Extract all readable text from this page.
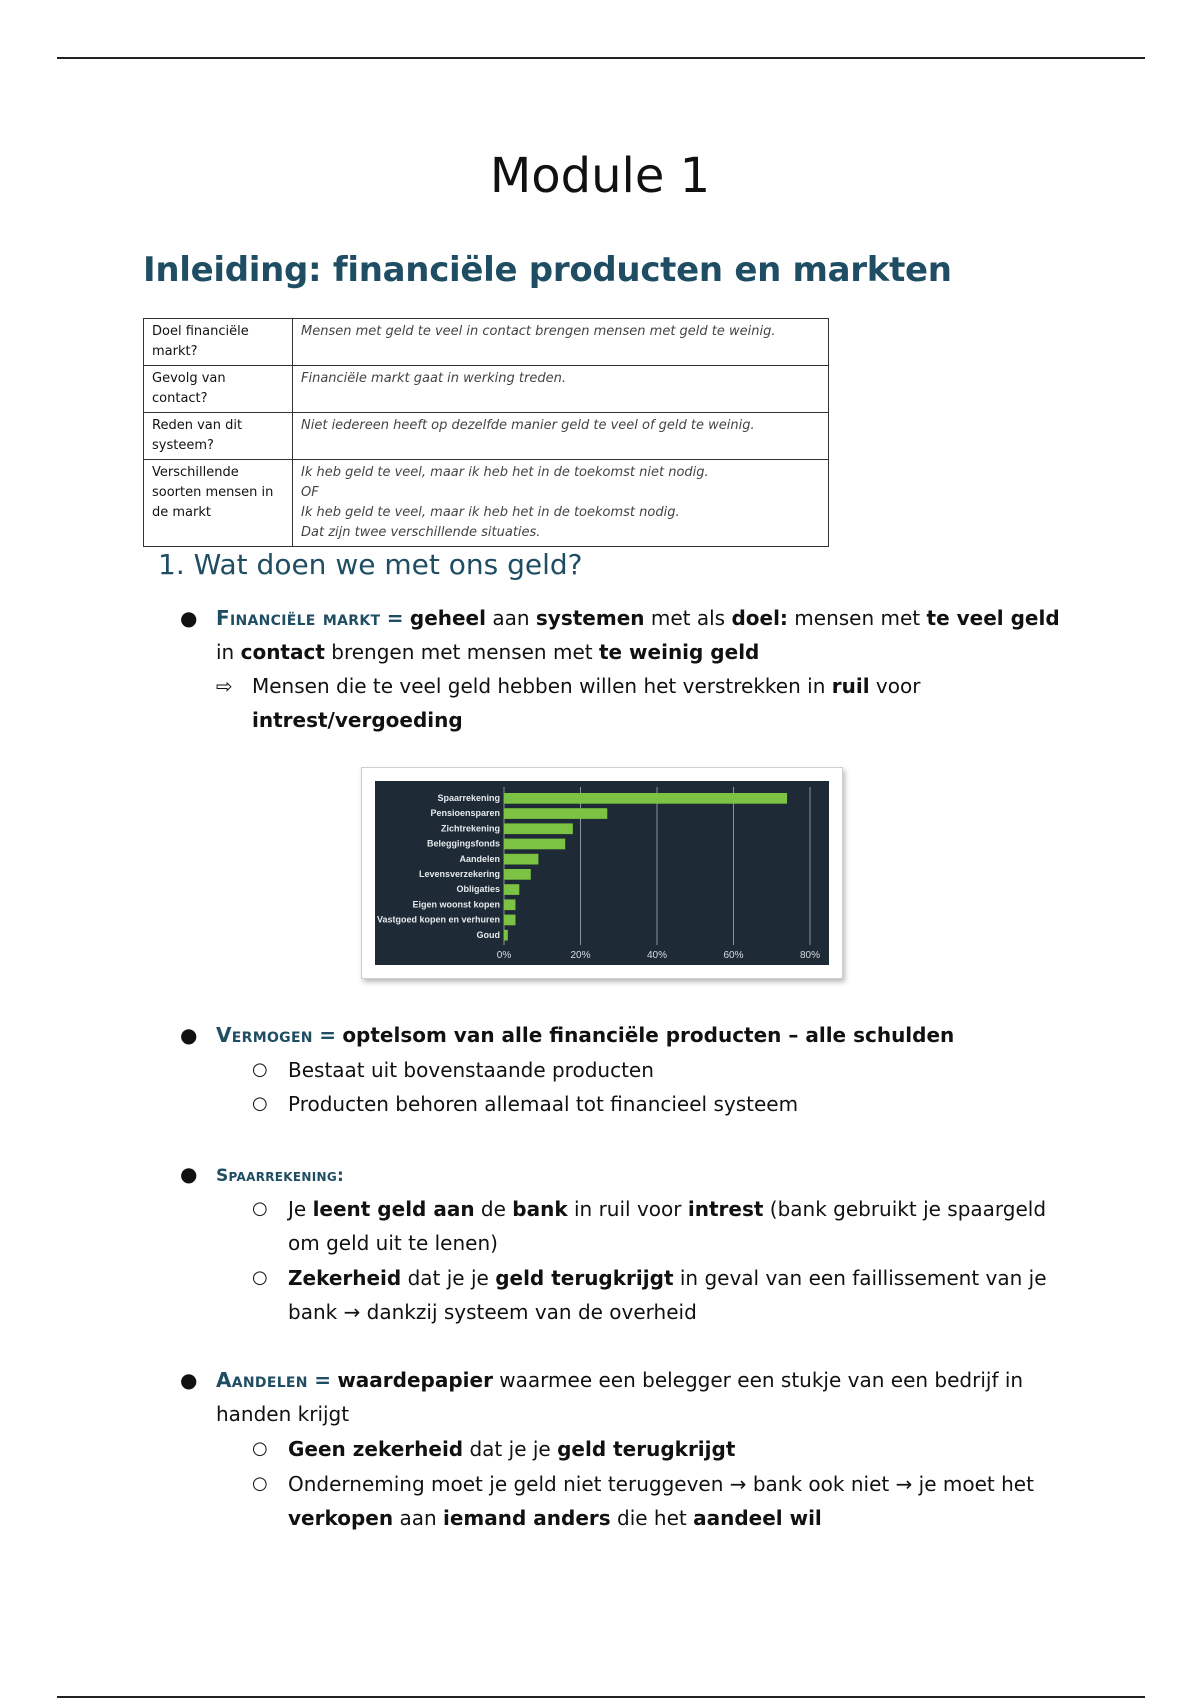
Module 1
Inleiding: financiële producten en markten
Doel financiële markt?	Mensen met geld te veel in contact brengen mensen met geld te weinig.

Gevolg van contact?	Financiële markt gaat in werking treden.

Reden van dit systeem?	Niet iedereen heeft op dezelfde manier geld te veel of geld te weinig.

Verschillende soorten mensen in de markt	Ik heb geld te veel, maar ik heb het in de toekomst niet nodig.
OF
Ik heb geld te veel, maar ik heb het in de toekomst nodig.
Dat zijn twee verschillende situaties.
1. Wat doen we met ons geld?
● Financiële markt = geheel aan systemen met als doel: mensen met te veel geld in contact brengen met mensen met te weinig geld
⇨ Mensen die te veel geld hebben willen het verstrekken in ruil voor intrest/vergoeding
0%	20%	40%	60%	80%
Spaarrekening
Pensioensparen
Zichtrekening
Beleggingsfonds
Aandelen
Levensverzekering
Obligaties
Eigen woonst kopen
Vastgoed kopen en verhuren
Goud
● Vermogen = optelsom van alle financiële producten – alle schulden
○ Bestaat uit bovenstaande producten
○ Producten behoren allemaal tot financieel systeem
● Spaarrekening:
○ Je leent geld aan de bank in ruil voor intrest (bank gebruikt je spaargeld om geld uit te lenen)
○ Zekerheid dat je je geld terugkrijgt in geval van een faillissement van je bank → dankzij systeem van de overheid
● Aandelen = waardepapier waarmee een belegger een stukje van een bedrijf in handen krijgt
○ Geen zekerheid dat je je geld terugkrijgt
○ Onderneming moet je geld niet teruggeven → bank ook niet → je moet het verkopen aan iemand anders die het aandeel wil
